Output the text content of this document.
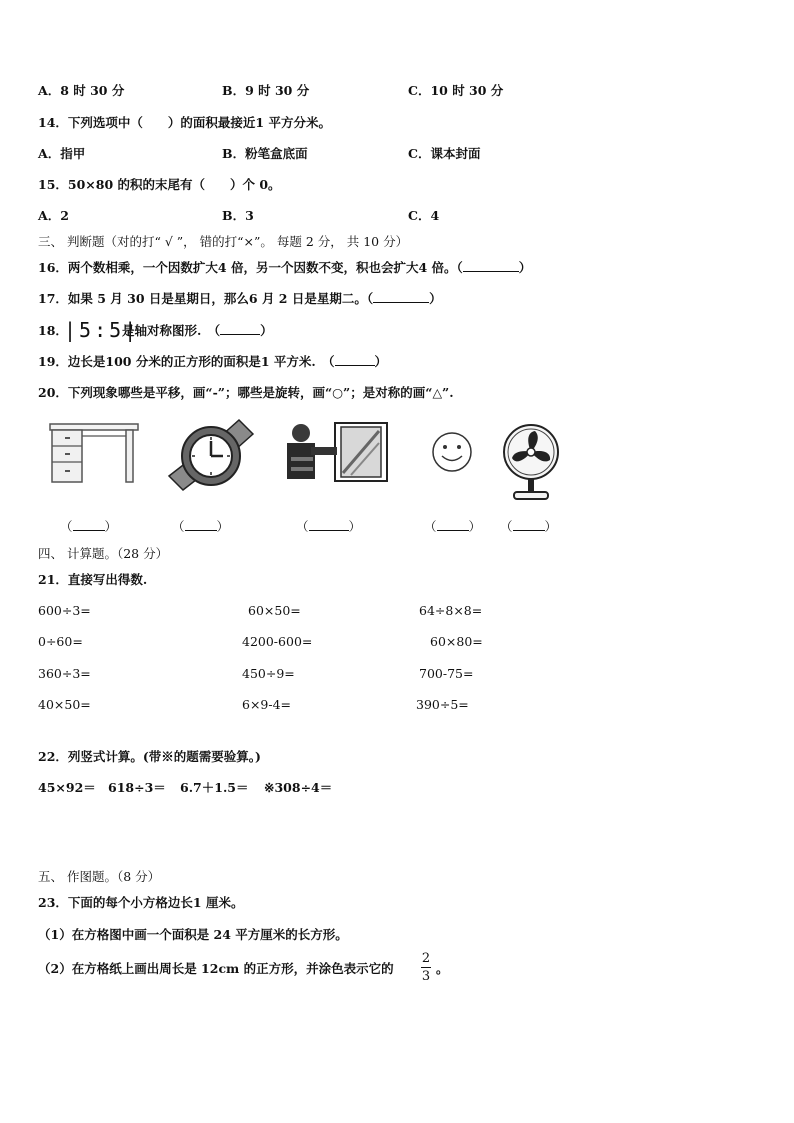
A．8 时 30 分	B．9 时 30 分	C．10 时 30 分
14．下列选项中（　　）的面积最接近1 平方分米。
A．指甲	B．粉笔盒底面	C．课本封面
15．50×80 的积的末尾有（　　）个 0。
A．2	B．3	C．4
三、 判断题（对的打“ √ ”， 错的打“×”。 每题 2 分， 共 10 分）
16．两个数相乘，一个因数扩大4 倍，另一个因数不变，积也会扩大4 倍。（	）
17．如果 5 月 30 日是星期日，那么6 月 2 日是星期二。（	）
18．
|5:5|
是轴对称图形.　（	）
19．边长是100 分米的正方形的面积是1 平方米.　（	）
20．下列现象哪些是平移，画“-”；哪些是旋转，画“○”；是对称的画“△”.
（	）	（	）	（	）	（	） （	）
四、 计算题。（28 分）
21．直接写出得数.
600÷3=	60×50=	64÷8×8=
0÷60=	4200-600=	60×80=
360÷3=	450÷9=	700-75=
40×50=	6×9-4=	390÷5=
22．列竖式计算。(带※的题需要验算。)
45×92＝ 618÷3＝ 6.7＋1.5＝ ※308÷4＝
五、 作图题。（8 分）
23．下面的每个小方格边长1 厘米。
（1）在方格图中画一个面积是 24 平方厘米的长方形。
（2）在方格纸上画出周长是 12cm 的正方形，并涂色表示它的
2
3
。
